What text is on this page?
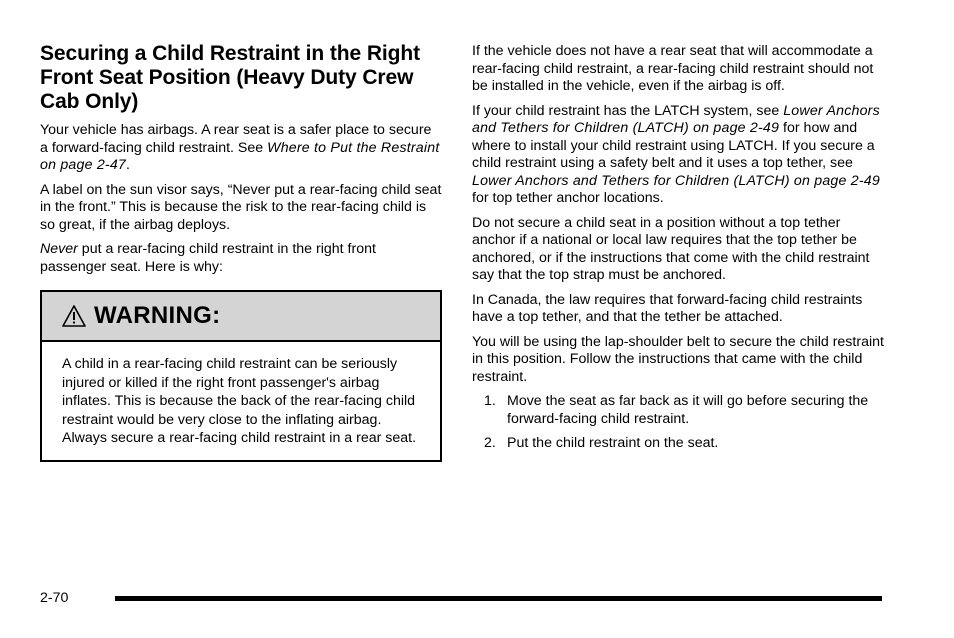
Securing a Child Restraint in the Right Front Seat Position (Heavy Duty Crew Cab Only)

Your vehicle has airbags. A rear seat is a safer place to secure a forward-facing child restraint. See Where to Put the Restraint on page 2-47.

A label on the sun visor says, “Never put a rear-facing child seat in the front.” This is because the risk to the rear-facing child is so great, if the airbag deploys.

Never put a rear-facing child restraint in the right front passenger seat. Here is why:

WARNING:
A child in a rear-facing child restraint can be seriously injured or killed if the right front passenger's airbag inflates. This is because the back of the rear-facing child restraint would be very close to the inflating airbag. Always secure a rear-facing child restraint in a rear seat.

If the vehicle does not have a rear seat that will accommodate a rear-facing child restraint, a rear-facing child restraint should not be installed in the vehicle, even if the airbag is off.

If your child restraint has the LATCH system, see Lower Anchors and Tethers for Children (LATCH) on page 2-49 for how and where to install your child restraint using LATCH. If you secure a child restraint using a safety belt and it uses a top tether, see Lower Anchors and Tethers for Children (LATCH) on page 2-49 for top tether anchor locations.

Do not secure a child seat in a position without a top tether anchor if a national or local law requires that the top tether be anchored, or if the instructions that come with the child restraint say that the top strap must be anchored.

In Canada, the law requires that forward-facing child restraints have a top tether, and that the tether be attached.

You will be using the lap-shoulder belt to secure the child restraint in this position. Follow the instructions that came with the child restraint.

1. Move the seat as far back as it will go before securing the forward-facing child restraint.
2. Put the child restraint on the seat.
2-70
